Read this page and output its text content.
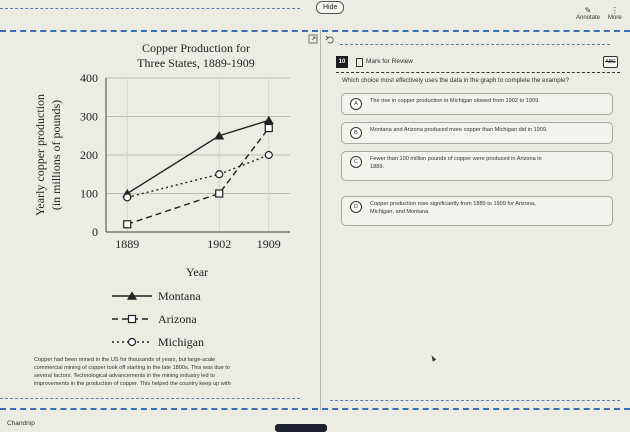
Hide	✎
Annotate
⋮
More
Copper Production for
Three States, 1889-1909
0
100
200
300
400
1889	1902 1909
Year
Yearly copper production (in millions of pounds)
Montana
Arizona
Michigan
Copper had been mined in the US for thousands of years, but large-scale
commercial mining of copper took off starting in the late 1800s. This was due to
several factors. Technological advancements in the mining industry led to
improvements in the production of copper. This helped the country keep up with
10	Mark for Review	ABC
Which choice most effectively uses the data in the graph to complete the example?
A	The rise in copper production in Michigan slowed from 1902 to 1909.
B	Montana and Arizona produced more copper than Michigan did in 1909.
C	Fewer than 100 million pounds of copper were produced in Arizona in
1889.
D	Copper production rose significantly from 1889 to 1909 for Arizona,
Michigan, and Montana.
Chandnip
